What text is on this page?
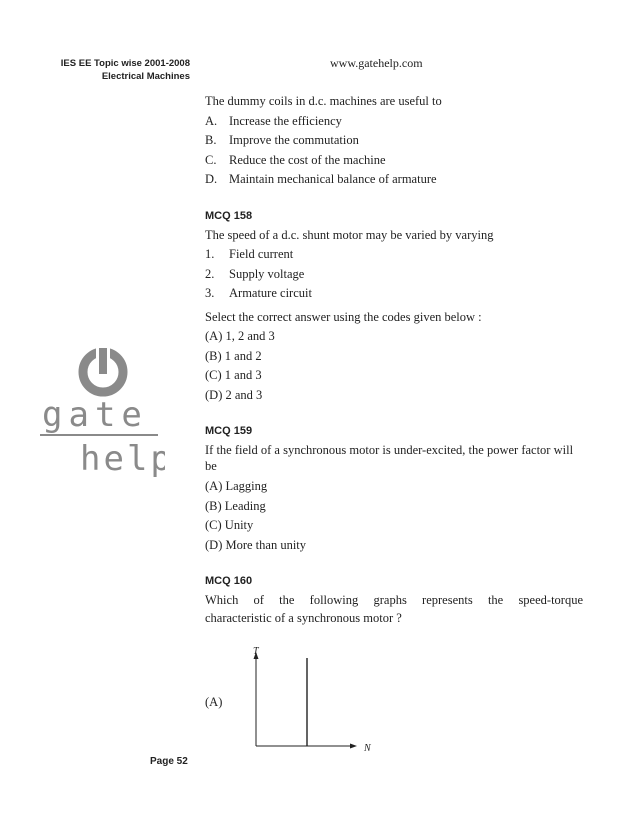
IES EE Topic wise 2001-2008
Electrical Machines
www.gatehelp.com
gate
help
The dummy coils in d.c. machines are useful to
A. Increase the efficiency
B. Improve the commutation
C. Reduce the cost of the machine
D. Maintain mechanical balance of armature
MCQ 158
The speed of a d.c. shunt motor may be varied by varying
1. Field current
2. Supply voltage
3. Armature circuit
Select the correct answer using the codes given below :
(A) 1, 2 and 3
(B) 1 and 2
(C) 1 and 3
(D) 2 and 3
MCQ 159
If the field of a synchronous motor is under-excited, the power factor will be
(A) Lagging
(B) Leading
(C) Unity
(D) More than unity
MCQ 160
Which of the following graphs represents the speed-torque
characteristic of a synchronous motor ?
(A)
T
N
Page 52
